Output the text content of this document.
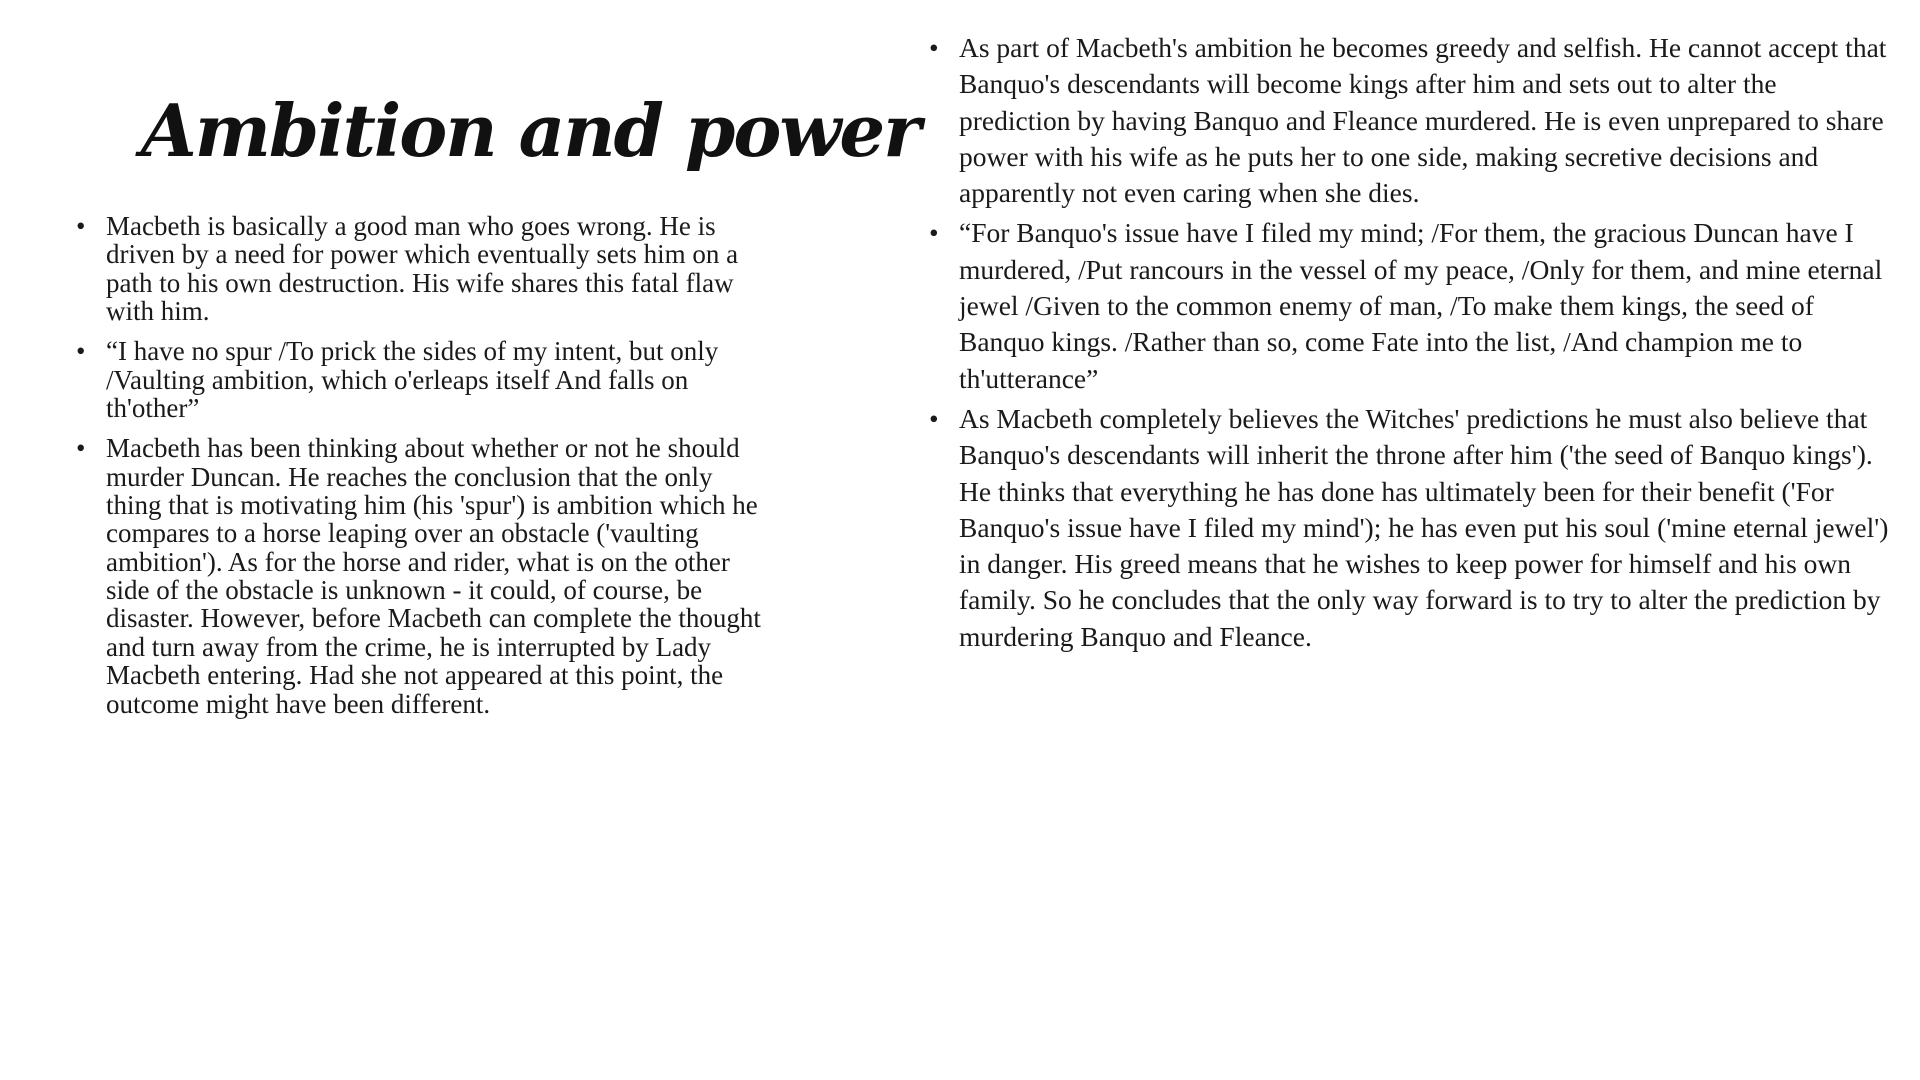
Ambition and power
• Macbeth is basically a good man who goes wrong. He is driven by a need for power which eventually sets him on a path to his own destruction. His wife shares this fatal flaw with him.
• “I have no spur /To prick the sides of my intent, but only /Vaulting ambition, which o'erleaps itself And falls on th'other”
• Macbeth has been thinking about whether or not he should murder Duncan. He reaches the conclusion that the only thing that is motivating him (his 'spur') is ambition which he compares to a horse leaping over an obstacle ('vaulting ambition'). As for the horse and rider, what is on the other side of the obstacle is unknown - it could, of course, be disaster. However, before Macbeth can complete the thought and turn away from the crime, he is interrupted by Lady Macbeth entering. Had she not appeared at this point, the outcome might have been different.
• As part of Macbeth's ambition he becomes greedy and selfish. He cannot accept that Banquo's descendants will become kings after him and sets out to alter the prediction by having Banquo and Fleance murdered. He is even unprepared to share power with his wife as he puts her to one side, making secretive decisions and apparently not even caring when she dies.
• “For Banquo's issue have I filed my mind; /For them, the gracious Duncan have I murdered, /Put rancours in the vessel of my peace, /Only for them, and mine eternal jewel /Given to the common enemy of man, /To make them kings, the seed of Banquo kings. /Rather than so, come Fate into the list, /And champion me to th'utterance”
• As Macbeth completely believes the Witches' predictions he must also believe that Banquo's descendants will inherit the throne after him ('the seed of Banquo kings'). He thinks that everything he has done has ultimately been for their benefit ('For Banquo's issue have I filed my mind'); he has even put his soul ('mine eternal jewel') in danger. His greed means that he wishes to keep power for himself and his own family. So he concludes that the only way forward is to try to alter the prediction by murdering Banquo and Fleance.
